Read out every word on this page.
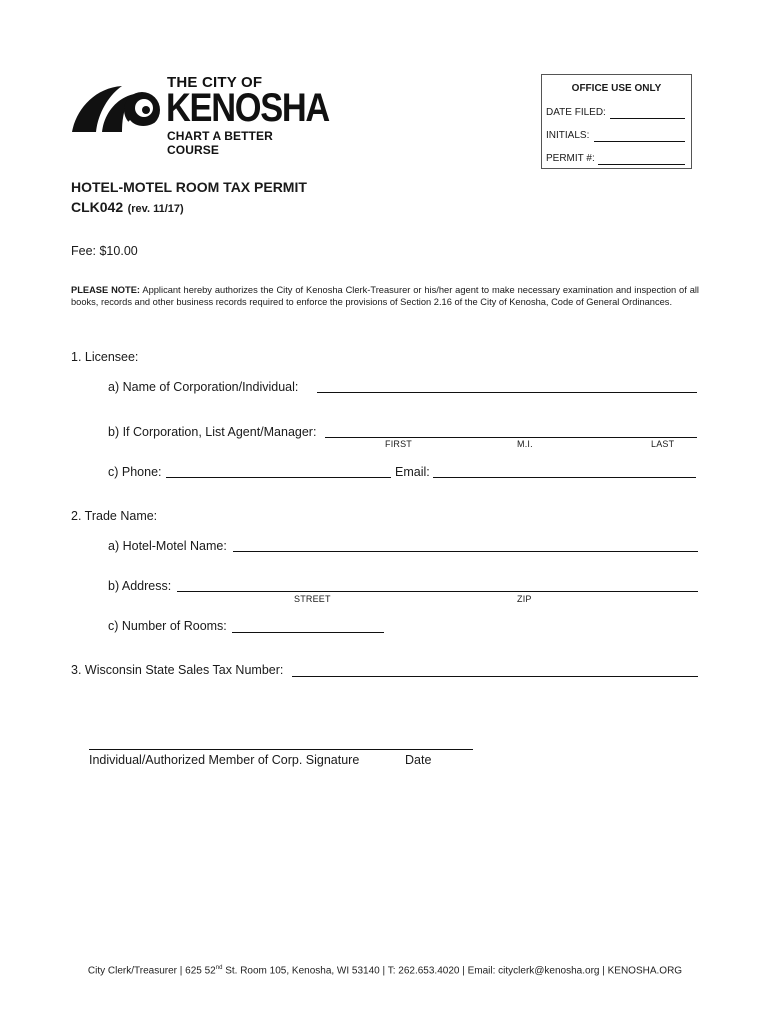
THE CITY OF
KENOSHA
CHART A BETTER COURSE
OFFICE USE ONLY
DATE FILED:
INITIALS:
PERMIT #:
HOTEL-MOTEL ROOM TAX PERMIT
CLK042 (rev. 11/17)
Fee: $10.00
PLEASE NOTE: Applicant hereby authorizes the City of Kenosha Clerk-Treasurer or his/her agent to make necessary examination and inspection of all books, records and other business records required to enforce the provisions of Section 2.16 of the City of Kenosha, Code of General Ordinances.
1. Licensee:
a) Name of Corporation/Individual:
b) If Corporation, List Agent/Manager:
FIRST	M.I.	LAST
c) Phone:	Email:
2. Trade Name:
a) Hotel-Motel Name:
b) Address:
STREET	ZIP
c) Number of Rooms:
3. Wisconsin State Sales Tax Number:
Individual/Authorized Member of Corp. Signature	Date
City Clerk/Treasurer | 625 52nd St. Room 105, Kenosha, WI 53140 | T: 262.653.4020 | Email: cityclerk@kenosha.org | KENOSHA.ORG
